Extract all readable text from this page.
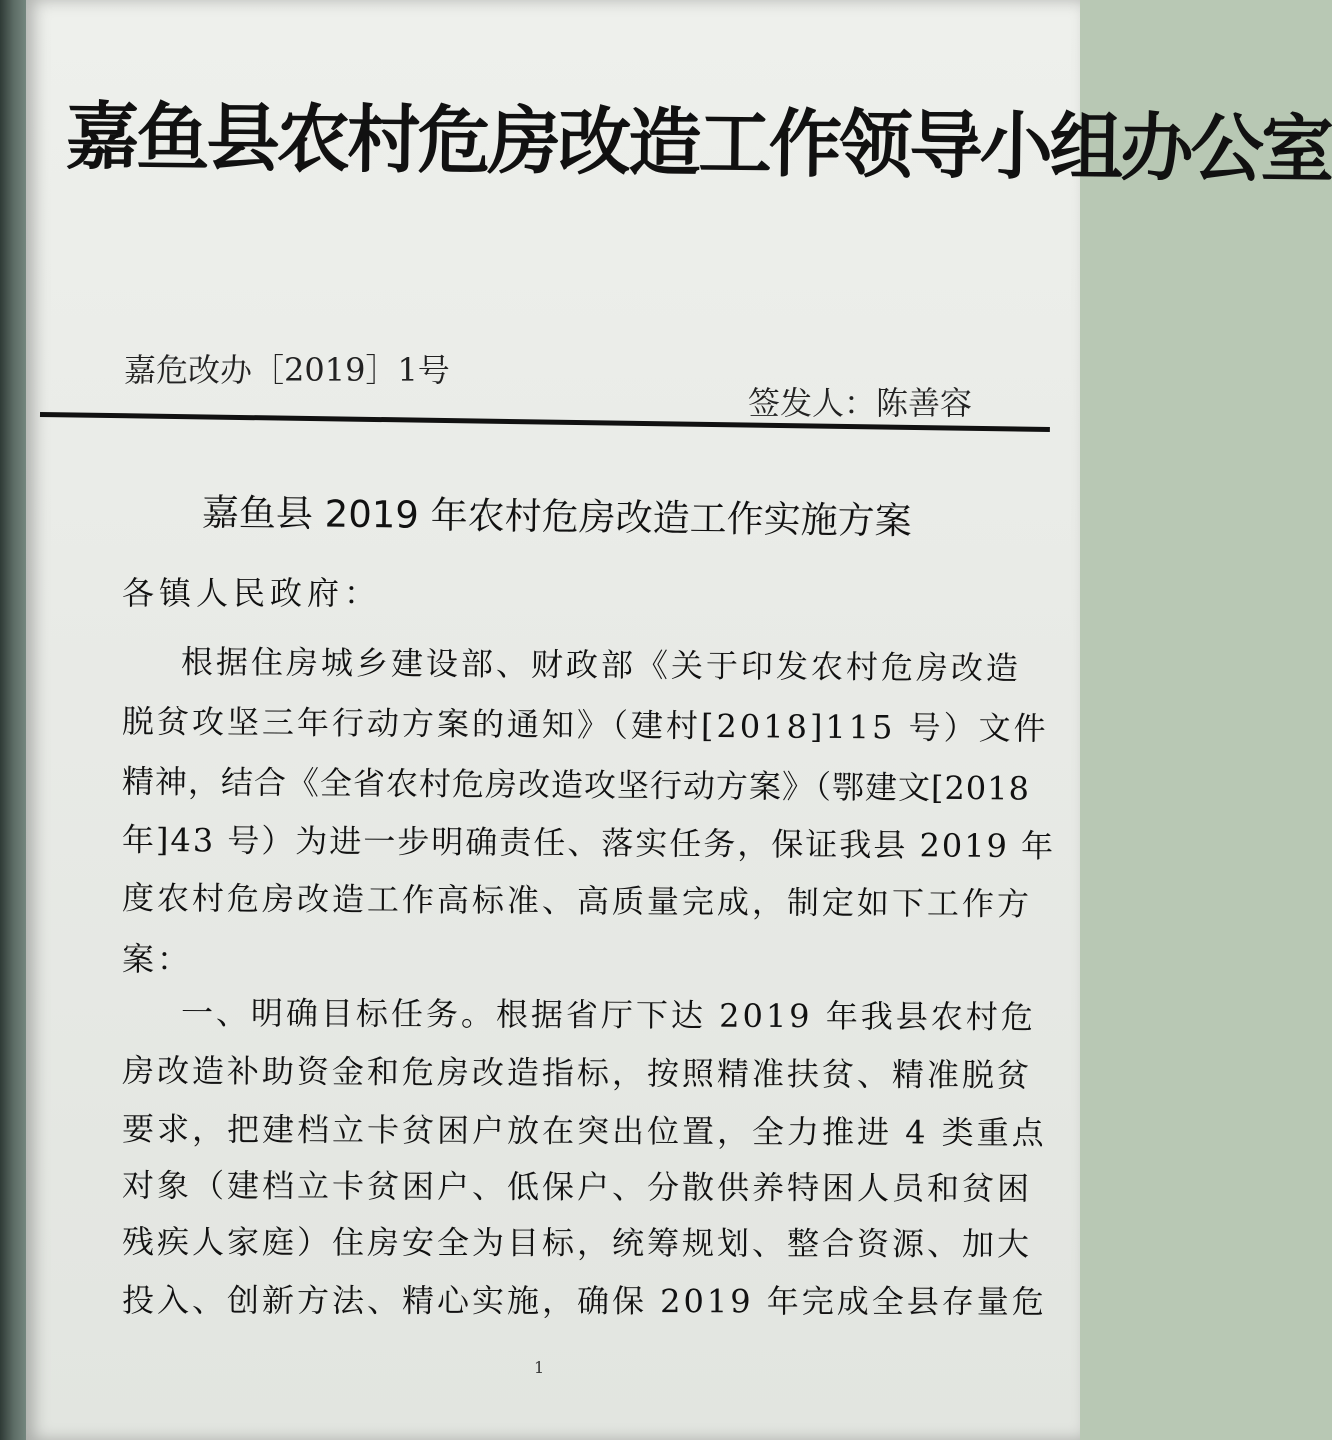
嘉鱼县农村危房改造工作领导小组办公室
嘉危改办［2019］1号
签发人：陈善容
嘉鱼县 2019 年农村危房改造工作实施方案
各镇人民政府：
根据住房城乡建设部、财政部《关于印发农村危房改造
脱贫攻坚三年行动方案的通知》（建村[2018]115 号）文件
精神，结合《全省农村危房改造攻坚行动方案》（鄂建文[2018
年]43 号）为进一步明确责任、落实任务，保证我县 2019 年
度农村危房改造工作高标准、高质量完成，制定如下工作方
案：
一、明确目标任务。根据省厅下达 2019 年我县农村危
房改造补助资金和危房改造指标，按照精准扶贫、精准脱贫
要求，把建档立卡贫困户放在突出位置，全力推进 4 类重点
对象（建档立卡贫困户、低保户、分散供养特困人员和贫困
残疾人家庭）住房安全为目标，统筹规划、整合资源、加大
投入、创新方法、精心实施，确保 2019 年完成全县存量危
1
